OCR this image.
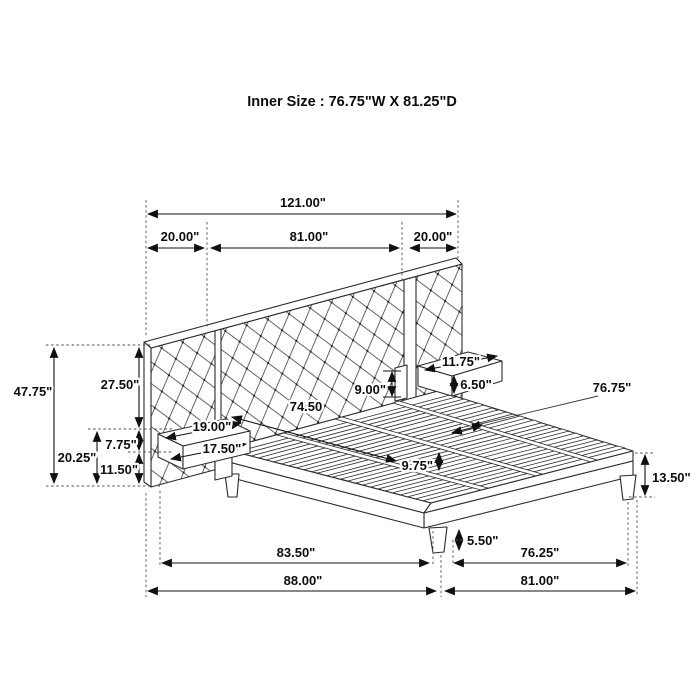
Inner Size : 76.75"W X 81.25"D
121.00"
20.00"	81.00"	20.00"
47.75"	27.50"
20.25"
7.75"
11.50"
19.00"
17.50"
74.50
9.00"
11.75"
6.50"	76.75"
9.75"
13.50"
5.50"
83.50"	76.25"
88.00"	81.00"
